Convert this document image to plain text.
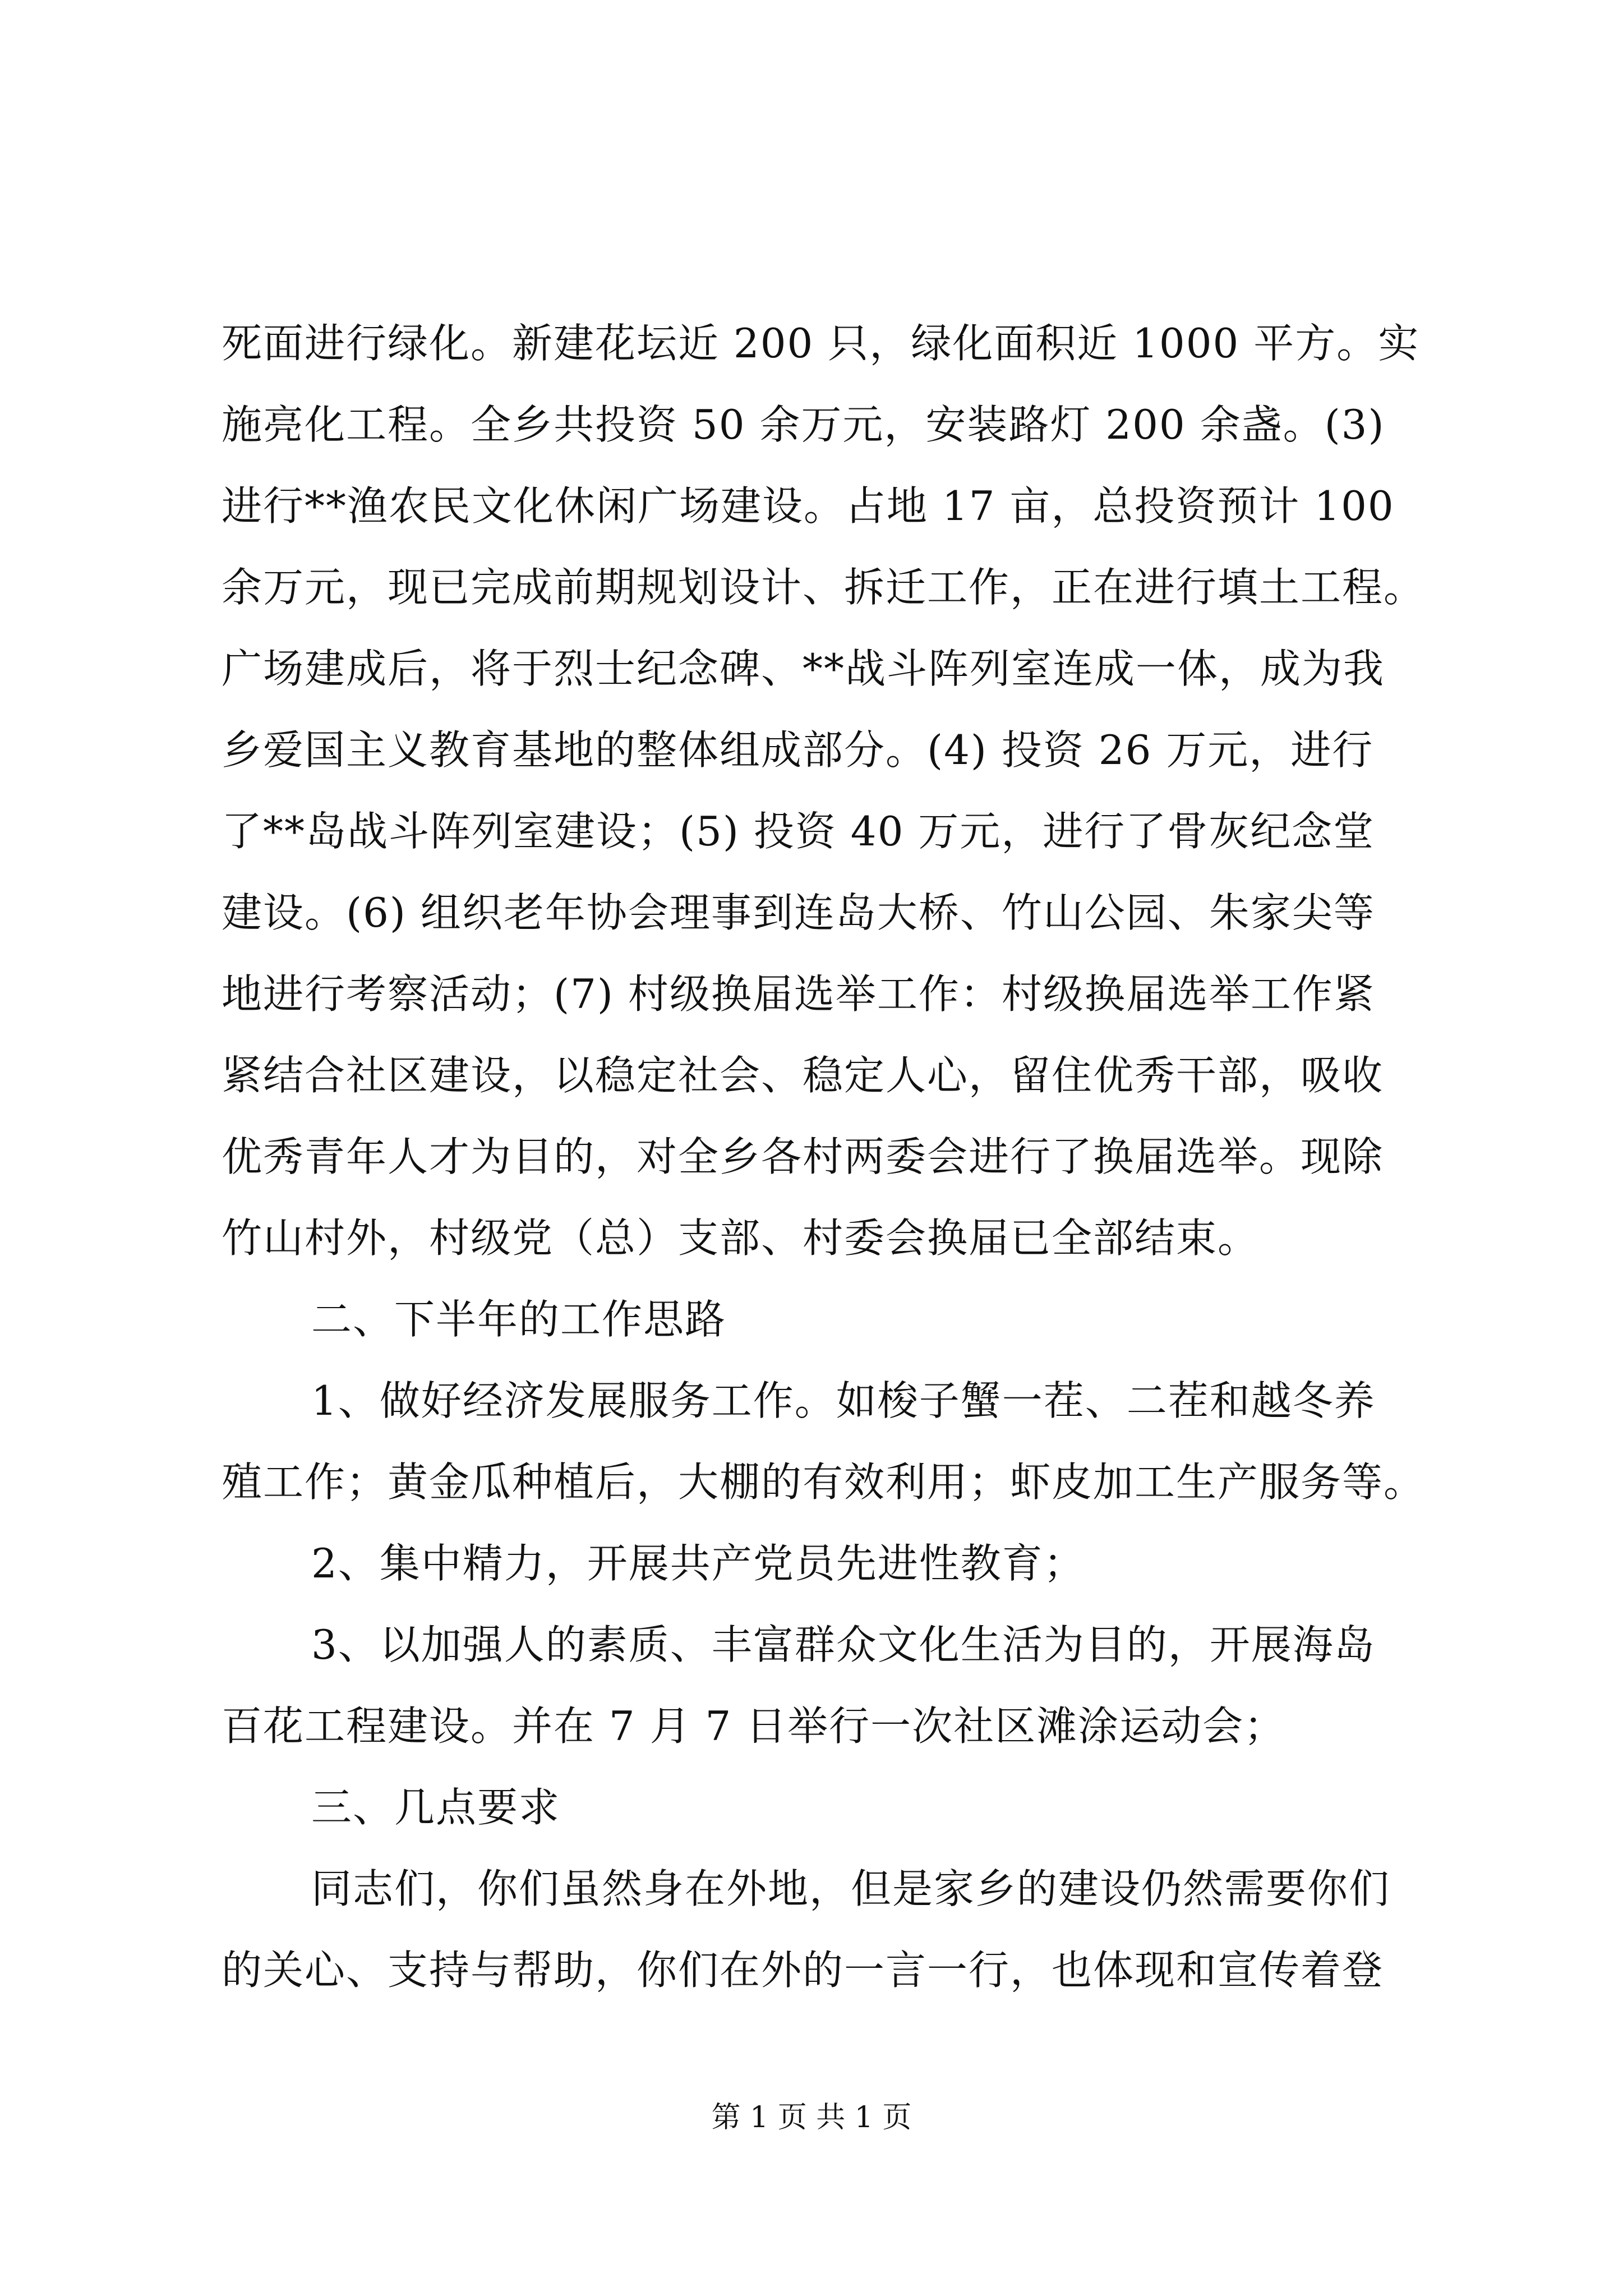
死面进行绿化。新建花坛近 200 只，绿化面积近 1000 平方。实
施亮化工程。全乡共投资 50 余万元，安装路灯 200 余盏。(3)
进行**渔农民文化休闲广场建设。占地 17 亩，总投资预计 100
余万元，现已完成前期规划设计、拆迁工作，正在进行填土工程。
广场建成后，将于烈士纪念碑、**战斗阵列室连成一体，成为我
乡爱国主义教育基地的整体组成部分。(4) 投资 26 万元，进行
了**岛战斗阵列室建设；(5) 投资 40 万元，进行了骨灰纪念堂
建设。(6) 组织老年协会理事到连岛大桥、竹山公园、朱家尖等
地进行考察活动；(7) 村级换届选举工作：村级换届选举工作紧
紧结合社区建设，以稳定社会、稳定人心，留住优秀干部，吸收
优秀青年人才为目的，对全乡各村两委会进行了换届选举。现除
竹山村外，村级党（总）支部、村委会换届已全部结束。
二、下半年的工作思路
1、做好经济发展服务工作。如梭子蟹一茬、二茬和越冬养
殖工作；黄金瓜种植后，大棚的有效利用；虾皮加工生产服务等。
2、集中精力，开展共产党员先进性教育；
3、以加强人的素质、丰富群众文化生活为目的，开展海岛
百花工程建设。并在 7 月 7 日举行一次社区滩涂运动会；
三、几点要求
同志们，你们虽然身在外地，但是家乡的建设仍然需要你们
的关心、支持与帮助，你们在外的一言一行，也体现和宣传着登
第 1 页 共 1 页
